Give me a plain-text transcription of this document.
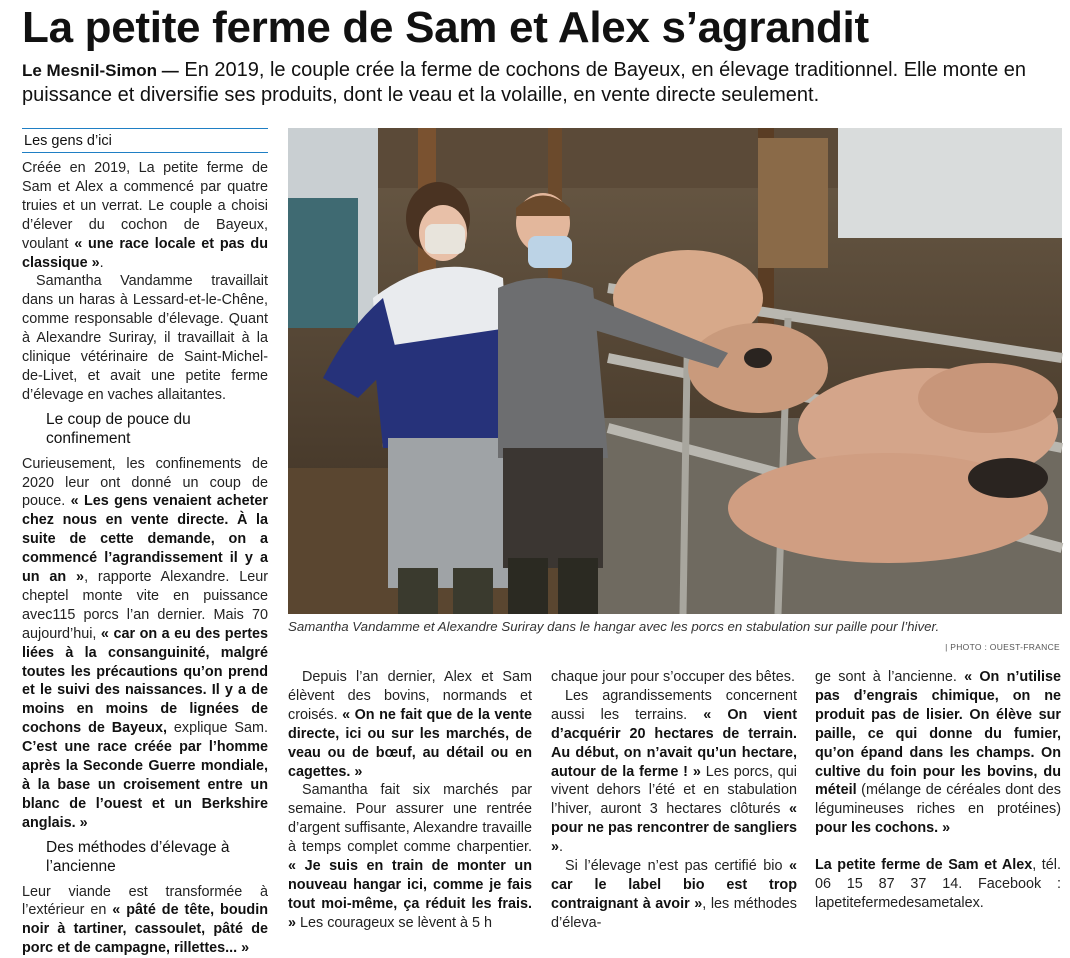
La petite ferme de Sam et Alex s’agrandit
Le Mesnil-Simon — En 2019, le couple crée la ferme de cochons de Bayeux, en élevage traditionnel. Elle monte en puissance et diversifie ses produits, dont le veau et la volaille, en vente directe seulement.
Les gens d’ici

Créée en 2019, La petite ferme de Sam et Alex a commencé par quatre truies et un verrat. Le couple a choisi d’élever du cochon de Bayeux, voulant « une race locale et pas du classique ».

Samantha Vandamme travaillait dans un haras à Lessard-et-le-Chêne, comme responsable d’élevage. Quant à Alexandre Suriray, il travaillait à la clinique vétérinaire de Saint-Michel-de-Livet, et avait une petite ferme d’élevage en vaches allaitantes.

Le coup de pouce du confinement

Curieusement, les confinements de 2020 leur ont donné un coup de pouce. « Les gens venaient acheter chez nous en vente directe. À la suite de cette demande, on a commencé l’agrandissement il y a un an », rapporte Alexandre. Leur cheptel monte vite en puissance avec115 porcs l’an dernier. Mais 70 aujourd’hui, « car on a eu des pertes liées à la consanguinité, malgré toutes les précautions qu’on prend et le suivi des naissances. Il y a de moins en moins de lignées de cochons de Bayeux, explique Sam. C’est une race créée par l’homme après la Seconde Guerre mondiale, à la base un croisement entre un blanc de l’ouest et un Berkshire anglais. »

Des méthodes d’élevage à l’ancienne

Leur viande est transformée à l’extérieur en « pâté de tête, boudin noir à tartiner, cassoulet, pâté de porc et de campagne, rillettes... »

Samantha Vandamme et Alexandre Suriray dans le hangar avec les porcs en stabulation sur paille pour l’hiver.
| PHOTO : OUEST-FRANCE

Depuis l’an dernier, Alex et Sam élèvent des bovins, normands et croisés. « On ne fait que de la vente directe, ici ou sur les marchés, de veau ou de bœuf, au détail ou en cagettes. »

Samantha fait six marchés par semaine. Pour assurer une rentrée d’argent suffisante, Alexandre travaille à temps complet comme charpentier. « Je suis en train de monter un nouveau hangar ici, comme je fais tout moi-même, ça réduit les frais. » Les courageux se lèvent à 5 h

chaque jour pour s’occuper des bêtes.

Les agrandissements concernent aussi les terrains. « On vient d’acquérir 20 hectares de terrain. Au début, on n’avait qu’un hectare, autour de la ferme ! » Les porcs, qui vivent dehors l’été et en stabulation l’hiver, auront 3 hectares clôturés « pour ne pas rencontrer de sangliers ».

Si l’élevage n’est pas certifié bio « car le label bio est trop contraignant à avoir », les méthodes d’éleva-

ge sont à l’ancienne. « On n’utilise pas d’engrais chimique, on ne produit pas de lisier. On élève sur paille, ce qui donne du fumier, qu’on épand dans les champs. On cultive du foin pour les bovins, du méteil (mélange de céréales dont des légumineuses riches en protéines) pour les cochons. »

La petite ferme de Sam et Alex, tél. 06 15 87 37 14. Facebook : lapetitefermedesametalex.
